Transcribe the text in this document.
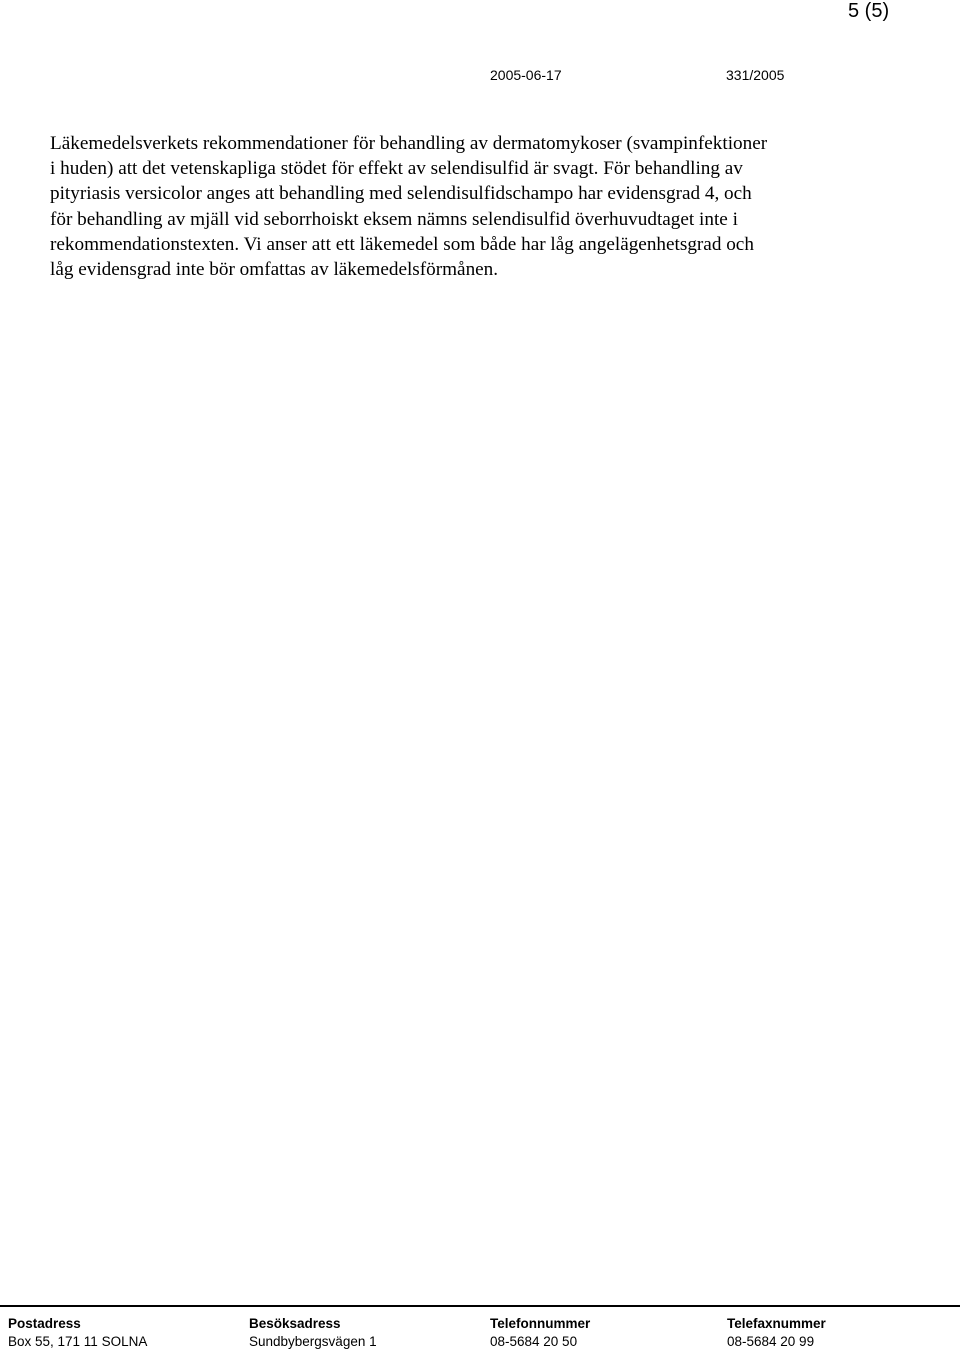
5 (5)
2005-06-17	331/2005

Läkemedelsverkets rekommendationer för behandling av dermatomykoser (svampinfektioner
i huden) att det vetenskapliga stödet för effekt av selendisulfid är svagt. För behandling av
pityriasis versicolor anges att behandling med selendisulfidschampo har evidensgrad 4, och
för behandling av mjäll vid seborrhoiskt eksem nämns selendisulfid överhuvudtaget inte i
rekommendationstexten. Vi anser att ett läkemedel som både har låg angelägenhetsgrad och
låg evidensgrad inte bör omfattas av läkemedelsförmånen.

Postadress
Box 55, 171 11 SOLNA
Besöksadress
Sundbybergsvägen 1
Telefonnummer
08-5684 20 50
Telefaxnummer
08-5684 20 99
